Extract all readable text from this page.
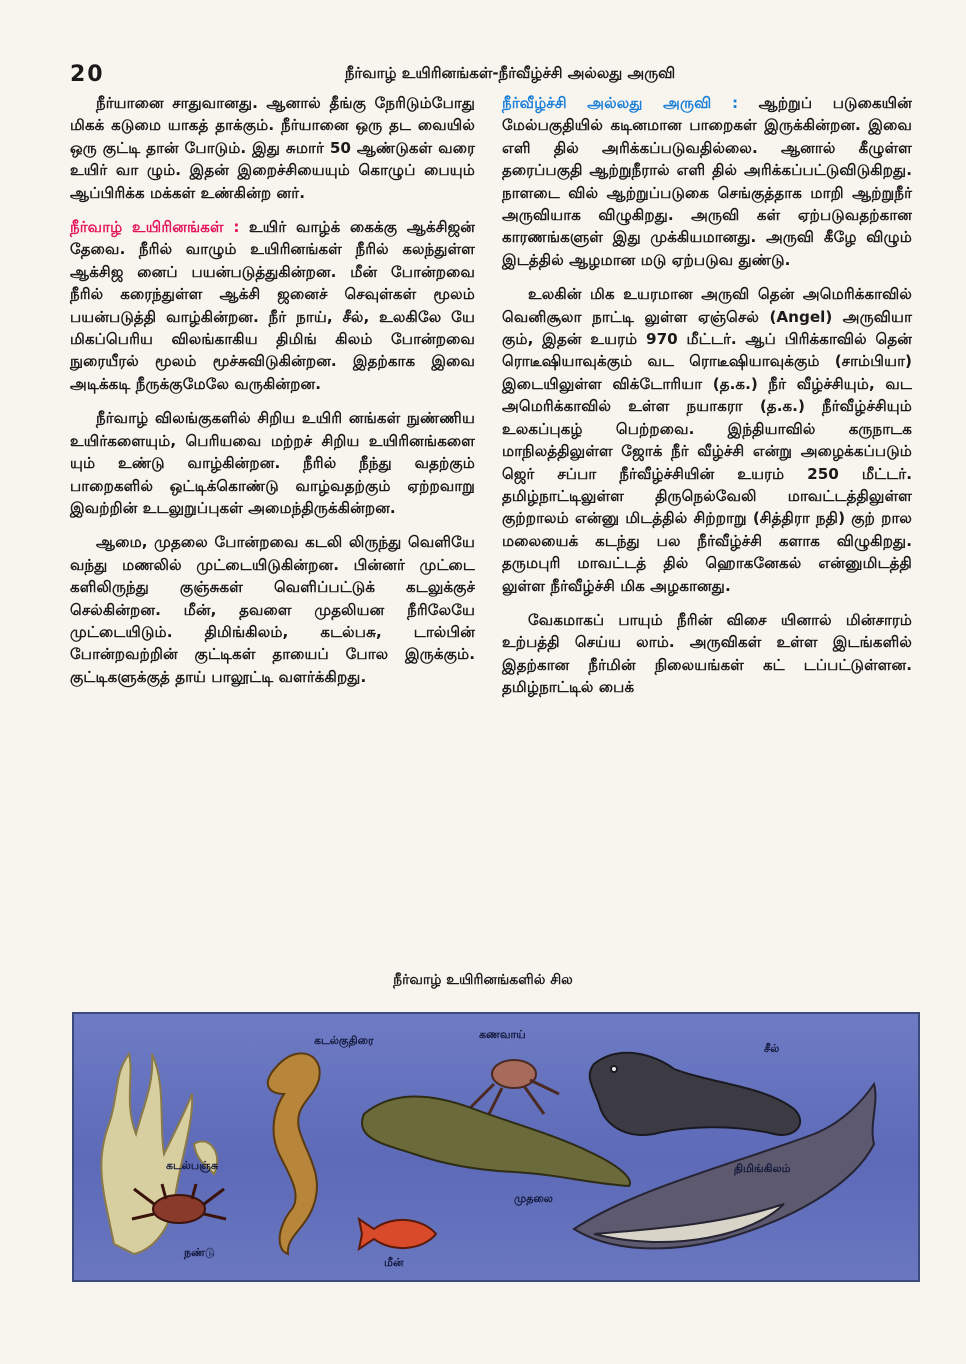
20	நீர்வாழ் உயிரினங்கள்-நீர்வீழ்ச்சி அல்லது அருவி

நீர்யானை சாதுவானது. ஆனால் தீங்கு நேரிடும்போது மிகக் கடுமை யாகத் தாக்கும். நீர்யானை ஒரு தட வையில் ஒரு குட்டி தான் போடும். இது சுமார் 50 ஆண்டுகள் வரை உயிர் வா ழும். இதன் இறைச்சியையும் கொழுப் பையும் ஆப்பிரிக்க மக்கள் உண்கின்ற னர்.

நீர்வாழ் உயிரினங்கள் : உயிர் வாழ்க் கைக்கு ஆக்சிஜன் தேவை. நீரில் வாழும் உயிரினங்கள் நீரில் கலந்துள்ள ஆக்சிஜ னைப் பயன்படுத்துகின்றன. மீன் போன்றவை நீரில் கரைந்துள்ள ஆக்சி ஜனைச் செவுள்கள் மூலம் பயன்படுத்தி வாழ்கின்றன. நீர் நாய், சீல், உலகிலே யே மிகப்பெரிய விலங்காகிய திமிங் கிலம் போன்றவை நுரையீரல் மூலம் மூச்சுவிடுகின்றன. இதற்காக இவை அடிக்கடி நீருக்குமேலே வருகின்றன.

நீர்வாழ் விலங்குகளில் சிறிய உயிரி னங்கள் நுண்ணிய உயிர்களையும், பெரியவை மற்றச் சிறிய உயிரினங்களை யும் உண்டு வாழ்கின்றன. நீரில் நீந்து வதற்கும் பாறைகளில் ஒட்டிக்கொண்டு வாழ்வதற்கும் ஏற்றவாறு இவற்றின் உடலுறுப்புகள் அமைந்திருக்கின்றன.

ஆமை, முதலை போன்றவை கடலி லிருந்து வெளியே வந்து மணலில் முட்டையிடுகின்றன. பின்னர் முட்டை களிலிருந்து குஞ்சுகள் வெளிப்பட்டுக் கடலுக்குச் செல்கின்றன. மீன், தவளை முதலியன நீரிலேயே முட்டையிடும். திமிங்கிலம், கடல்பசு, டால்பின் போன்றவற்றின் குட்டிகள் தாயைப் போல இருக்கும். குட்டிகளுக்குத் தாய் பாலூட்டி வளர்க்கிறது.

நீர்வீழ்ச்சி அல்லது அருவி : ஆற்றுப் படுகையின் மேல்பகுதியில் கடினமான பாறைகள் இருக்கின்றன. இவை எளி தில் அரிக்கப்படுவதில்லை. ஆனால் கீழுள்ள தரைப்பகுதி ஆற்றுநீரால் எளி தில் அரிக்கப்பட்டுவிடுகிறது. நாளடை வில் ஆற்றுப்படுகை செங்குத்தாக மாறி ஆற்றுநீர் அருவியாக விழுகிறது. அருவி கள் ஏற்படுவதற்கான காரணங்களுள் இது முக்கியமானது. அருவி கீழே விழும் இடத்தில் ஆழமான மடு ஏற்படுவ துண்டு.

உலகின் மிக உயரமான அருவி தென் அமெரிக்காவில் வெனிசூலா நாட்டி லுள்ள ஏஞ்செல் (Angel) அருவியா கும், இதன் உயரம் 970 மீட்டர். ஆப் பிரிக்காவில் தென் ரொடீஷியாவுக்கும் வட ரொடீஷியாவுக்கும் (சாம்பியா) இடையிலுள்ள விக்டோரியா (த.க.) நீர் வீழ்ச்சியும், வட அமெரிக்காவில் உள்ள நயாகரா (த.க.) நீர்வீழ்ச்சியும் உலகப்புகழ் பெற்றவை. இந்தியாவில் கருநாடக மாநிலத்திலுள்ள ஜோக் நீர் வீழ்ச்சி என்று அழைக்கப்படும் ஜெர் சப்பா நீர்வீழ்ச்சியின் உயரம் 250 மீட்டர். தமிழ்நாட்டிலுள்ள திருநெல்வேலி மாவட்டத்திலுள்ள குற்றாலம் என்னு மிடத்தில் சிற்றாறு (சித்திரா நதி) குற் றால மலையைக் கடந்து பல நீர்வீழ்ச்சி களாக விழுகிறது. தருமபுரி மாவட்டத் தில் ஹொகனேகல் என்னுமிடத்தி லுள்ள நீர்வீழ்ச்சி மிக அழகானது.

வேகமாகப் பாயும் நீரின் விசை யினால் மின்சாரம் உற்பத்தி செய்ய லாம். அருவிகள் உள்ள இடங்களில் இதற்கான நீர்மின் நிலையங்கள் கட் டப்பட்டுள்ளன. தமிழ்நாட்டில் பைக்

நீர்வாழ் உயிரினங்களில் சில
கடல்பஞ்சு
கடல்குதிரை	கணவாய்
சீல்
திமிங்கிலம்
முதலை
நண்டு
மீன்
